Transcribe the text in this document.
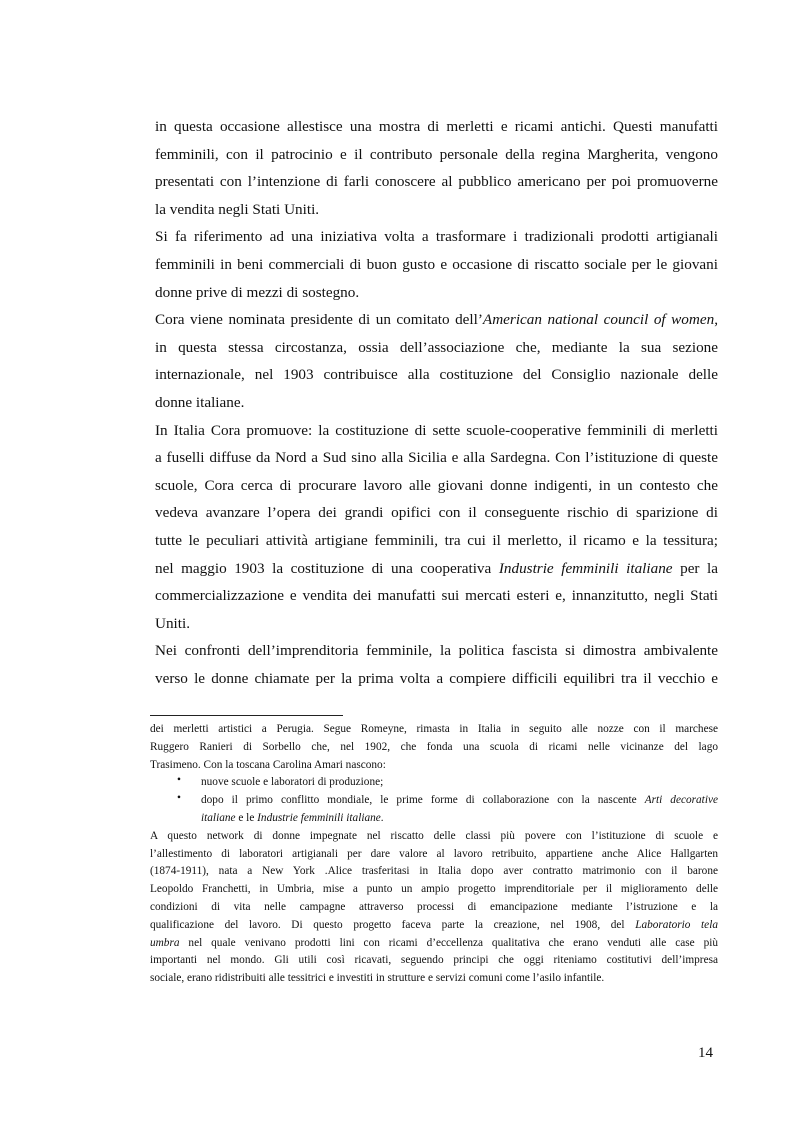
in questa occasione allestisce una mostra di merletti e ricami antichi. Questi manufatti
femminili, con il patrocinio e il contributo personale della regina Margherita, vengono
presentati con l’intenzione di farli conoscere al pubblico americano per poi promuoverne
la vendita negli Stati Uniti.
Si fa riferimento ad una iniziativa volta a trasformare i tradizionali prodotti artigianali
femminili in beni commerciali di buon gusto e occasione di riscatto sociale per le giovani
donne prive di mezzi di sostegno.
Cora viene nominata presidente di un comitato dell’American national council of women,
in questa stessa circostanza, ossia dell’associazione che, mediante la sua sezione
internazionale, nel 1903 contribuisce alla costituzione del Consiglio nazionale delle
donne italiane.
In Italia Cora promuove: la costituzione di sette scuole-cooperative femminili di merletti
a fuselli diffuse da Nord a Sud sino alla Sicilia e alla Sardegna. Con l’istituzione di queste
scuole, Cora cerca di procurare lavoro alle giovani donne indigenti, in un contesto che
vedeva avanzare l’opera dei grandi opifici con il conseguente rischio di sparizione di
tutte le peculiari attività artigiane femminili, tra cui il merletto, il ricamo e la tessitura;
nel maggio 1903 la costituzione di una cooperativa Industrie femminili italiane per la
commercializzazione e vendita dei manufatti sui mercati esteri e, innanzitutto, negli Stati
Uniti.
Nei confronti dell’imprenditoria femminile, la politica fascista si dimostra ambivalente
verso le donne chiamate per la prima volta a compiere difficili equilibri tra il vecchio e
dei merletti artistici a Perugia. Segue Romeyne, rimasta in Italia in seguito alle nozze con il marchese
Ruggero Ranieri di Sorbello che, nel 1902, che fonda una scuola di ricami nelle vicinanze del lago
Trasimeno. Con la toscana Carolina Amari nascono:
• nuove scuole e laboratori di produzione;
• dopo il primo conflitto mondiale, le prime forme di collaborazione con la nascente Arti decorative
italiane e le Industrie femminili italiane.
A questo network di donne impegnate nel riscatto delle classi più povere con l’istituzione di scuole e
l’allestimento di laboratori artigianali per dare valore al lavoro retribuito, appartiene anche Alice Hallgarten
(1874-1911), nata a New York .Alice trasferitasi in Italia dopo aver contratto matrimonio con il barone
Leopoldo Franchetti, in Umbria, mise a punto un ampio progetto imprenditoriale per il miglioramento delle
condizioni di vita nelle campagne attraverso processi di emancipazione mediante l’istruzione e la
qualificazione del lavoro. Di questo progetto faceva parte la creazione, nel 1908, del Laboratorio tela
umbra nel quale venivano prodotti lini con ricami d’eccellenza qualitativa che erano venduti alle case più
importanti nel mondo. Gli utili così ricavati, seguendo principi che oggi riteniamo costitutivi dell’impresa
sociale, erano ridistribuiti alle tessitrici e investiti in strutture e servizi comuni come l’asilo infantile.
14
